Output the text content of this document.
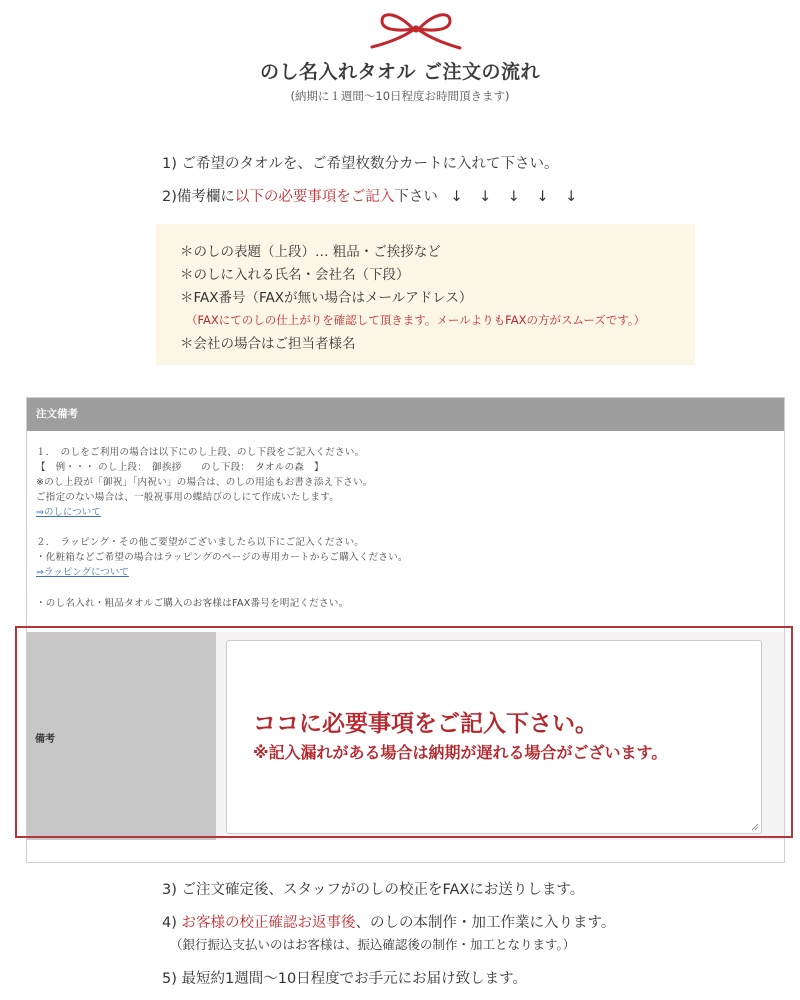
のし名入れタオル ご注文の流れ
(納期に１週間〜10日程度お時間頂きます)
1) ご希望のタオルを、ご希望枚数分カートに入れて下さい。
2)備考欄に以下の必要事項をご記入下さい ↓　↓　↓　↓　↓
＊のしの表題（上段）… 粗品・ご挨拶など
＊のしに入れる氏名・会社名（下段）
＊FAX番号（FAXが無い場合はメールアドレス）
（FAXにてのしの仕上がりを確認して頂きます。メールよりもFAXの方がスムーズです。）
＊会社の場合はご担当者様名
注文備考
１．　のしをご利用の場合は以下にのし上段、のし下段をご記入ください。
【　例・・・ のし上段：　御挨拶　　のし下段：　タオルの森　】
※のし上段が「御祝」「内祝い」の場合は、のしの用途もお書き添え下さい。
ご指定のない場合は、一般祝事用の蝶結びのしにて作成いたします。
⇒のしについて
２．　ラッピング・その他ご要望がございましたら以下にご記入ください。
・化粧箱などご希望の場合はラッピングのページの専用カートからご購入ください。
⇒ラッピングについて
・のし名入れ・粗品タオルご購入のお客様はFAX番号を明記ください。
備考
ココに必要事項をご記入下さい。
※記入漏れがある場合は納期が遅れる場合がございます。
3) ご注文確定後、スタッフがのしの校正をFAXにお送りします。
4) お客様の校正確認お返事後、のしの本制作・加工作業に入ります。
（銀行振込支払いのはお客様は、振込確認後の制作・加工となります。）
5) 最短約1週間〜10日程度でお手元にお届け致します。
